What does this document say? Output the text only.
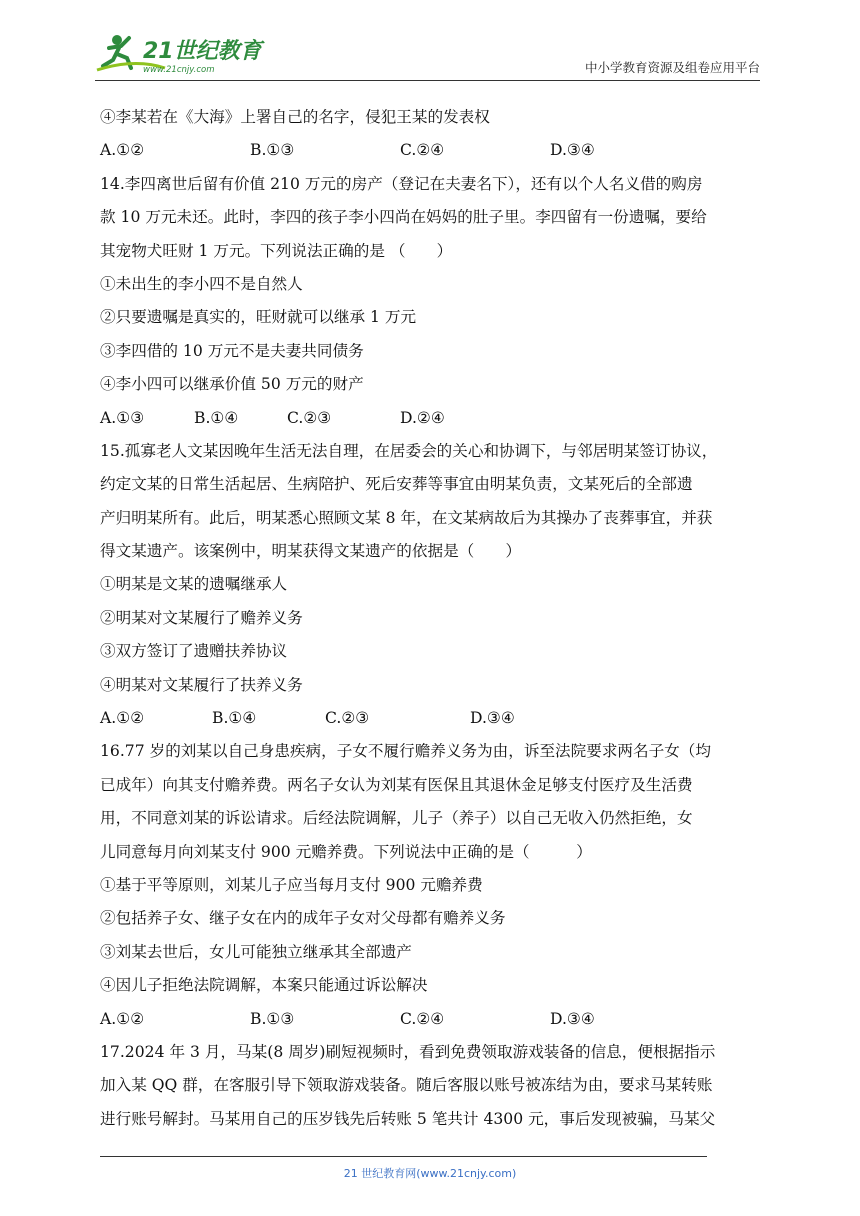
21世纪教育
www.21cnjy.com	中小学教育资源及组卷应用平台
④李某若在《大海》上署自己的名字，侵犯王某的发表权
A.①②	B.①③	C.②④	D.③④
14.李四离世后留有价值 210 万元的房产（登记在夫妻名下），还有以个人名义借的购房
款 10 万元未还。此时，李四的孩子李小四尚在妈妈的肚子里。李四留有一份遗嘱，要给
其宠物犬旺财 1 万元。下列说法正确的是 （　　）
①未出生的李小四不是自然人
②只要遗嘱是真实的，旺财就可以继承 1 万元
③李四借的 10 万元不是夫妻共同债务
④李小四可以继承价值 50 万元的财产
A.①③	B.①④	C.②③	D.②④
15.孤寡老人文某因晚年生活无法自理，在居委会的关心和协调下，与邻居明某签订协议，
约定文某的日常生活起居、生病陪护、死后安葬等事宜由明某负责，文某死后的全部遗
产归明某所有。此后，明某悉心照顾文某 8 年，在文某病故后为其操办了丧葬事宜，并获
得文某遗产。该案例中，明某获得文某遗产的依据是（　　）
①明某是文某的遗嘱继承人
②明某对文某履行了赡养义务
③双方签订了遗赠扶养协议
④明某对文某履行了扶养义务
A.①②	B.①④	C.②③	D.③④
16.77 岁的刘某以自己身患疾病，子女不履行赡养义务为由，诉至法院要求两名子女（均
已成年）向其支付赡养费。两名子女认为刘某有医保且其退休金足够支付医疗及生活费
用，不同意刘某的诉讼请求。后经法院调解，儿子（养子）以自己无收入仍然拒绝，女
儿同意每月向刘某支付 900 元赡养费。下列说法中正确的是（　　　）
①基于平等原则，刘某儿子应当每月支付 900 元赡养费
②包括养子女、继子女在内的成年子女对父母都有赡养义务
③刘某去世后，女儿可能独立继承其全部遗产
④因儿子拒绝法院调解，本案只能通过诉讼解决
A.①②	B.①③	C.②④	D.③④
17.2024 年 3 月，马某(8 周岁)刷短视频时，看到免费领取游戏装备的信息，便根据指示
加入某 QQ 群，在客服引导下领取游戏装备。随后客服以账号被冻结为由，要求马某转账
进行账号解封。马某用自己的压岁钱先后转账 5 笔共计 4300 元，事后发现被骗，马某父
21 世纪教育网(www.21cnjy.com)
